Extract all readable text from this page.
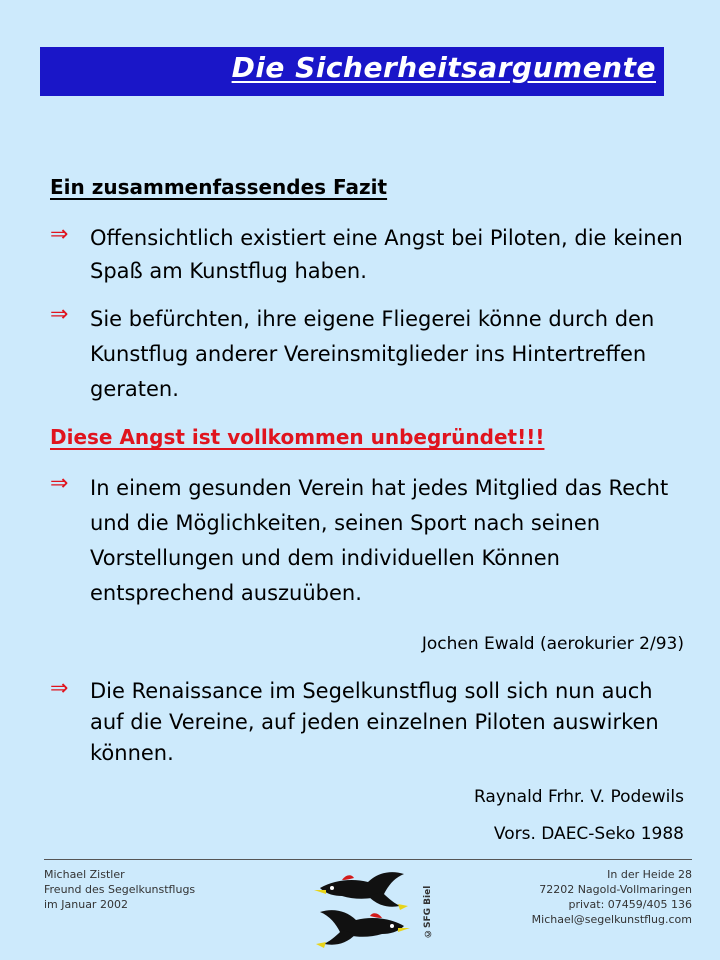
Die Sicherheitsargumente
Ein zusammenfassendes Fazit
⇒ Offensichtlich existiert eine Angst bei Piloten, die keinen Spaß am Kunstflug haben.
⇒ Sie befürchten, ihre eigene Fliegerei könne durch den Kunstflug anderer Vereinsmitglieder ins Hintertreffen geraten.
Diese Angst ist vollkommen unbegründet!!!
⇒ In einem gesunden Verein hat jedes Mitglied das Recht und die Möglichkeiten, seinen Sport nach seinen Vorstellungen und dem individuellen Können entsprechend auszuüben.
Jochen Ewald (aerokurier 2/93)
⇒ Die Renaissance im Segelkunstflug soll sich nun auch auf die Vereine, auf jeden einzelnen Piloten auswirken können.
Raynald Frhr. V. Podewils
Vors. DAEC-Seko 1988
Michael Zistler
Freund des Segelkunstflugs
im Januar 2002
In der Heide 28
72202 Nagold-Vollmaringen
privat: 07459/405 136
Michael@segelkunstflug.com
©SFG Biel
